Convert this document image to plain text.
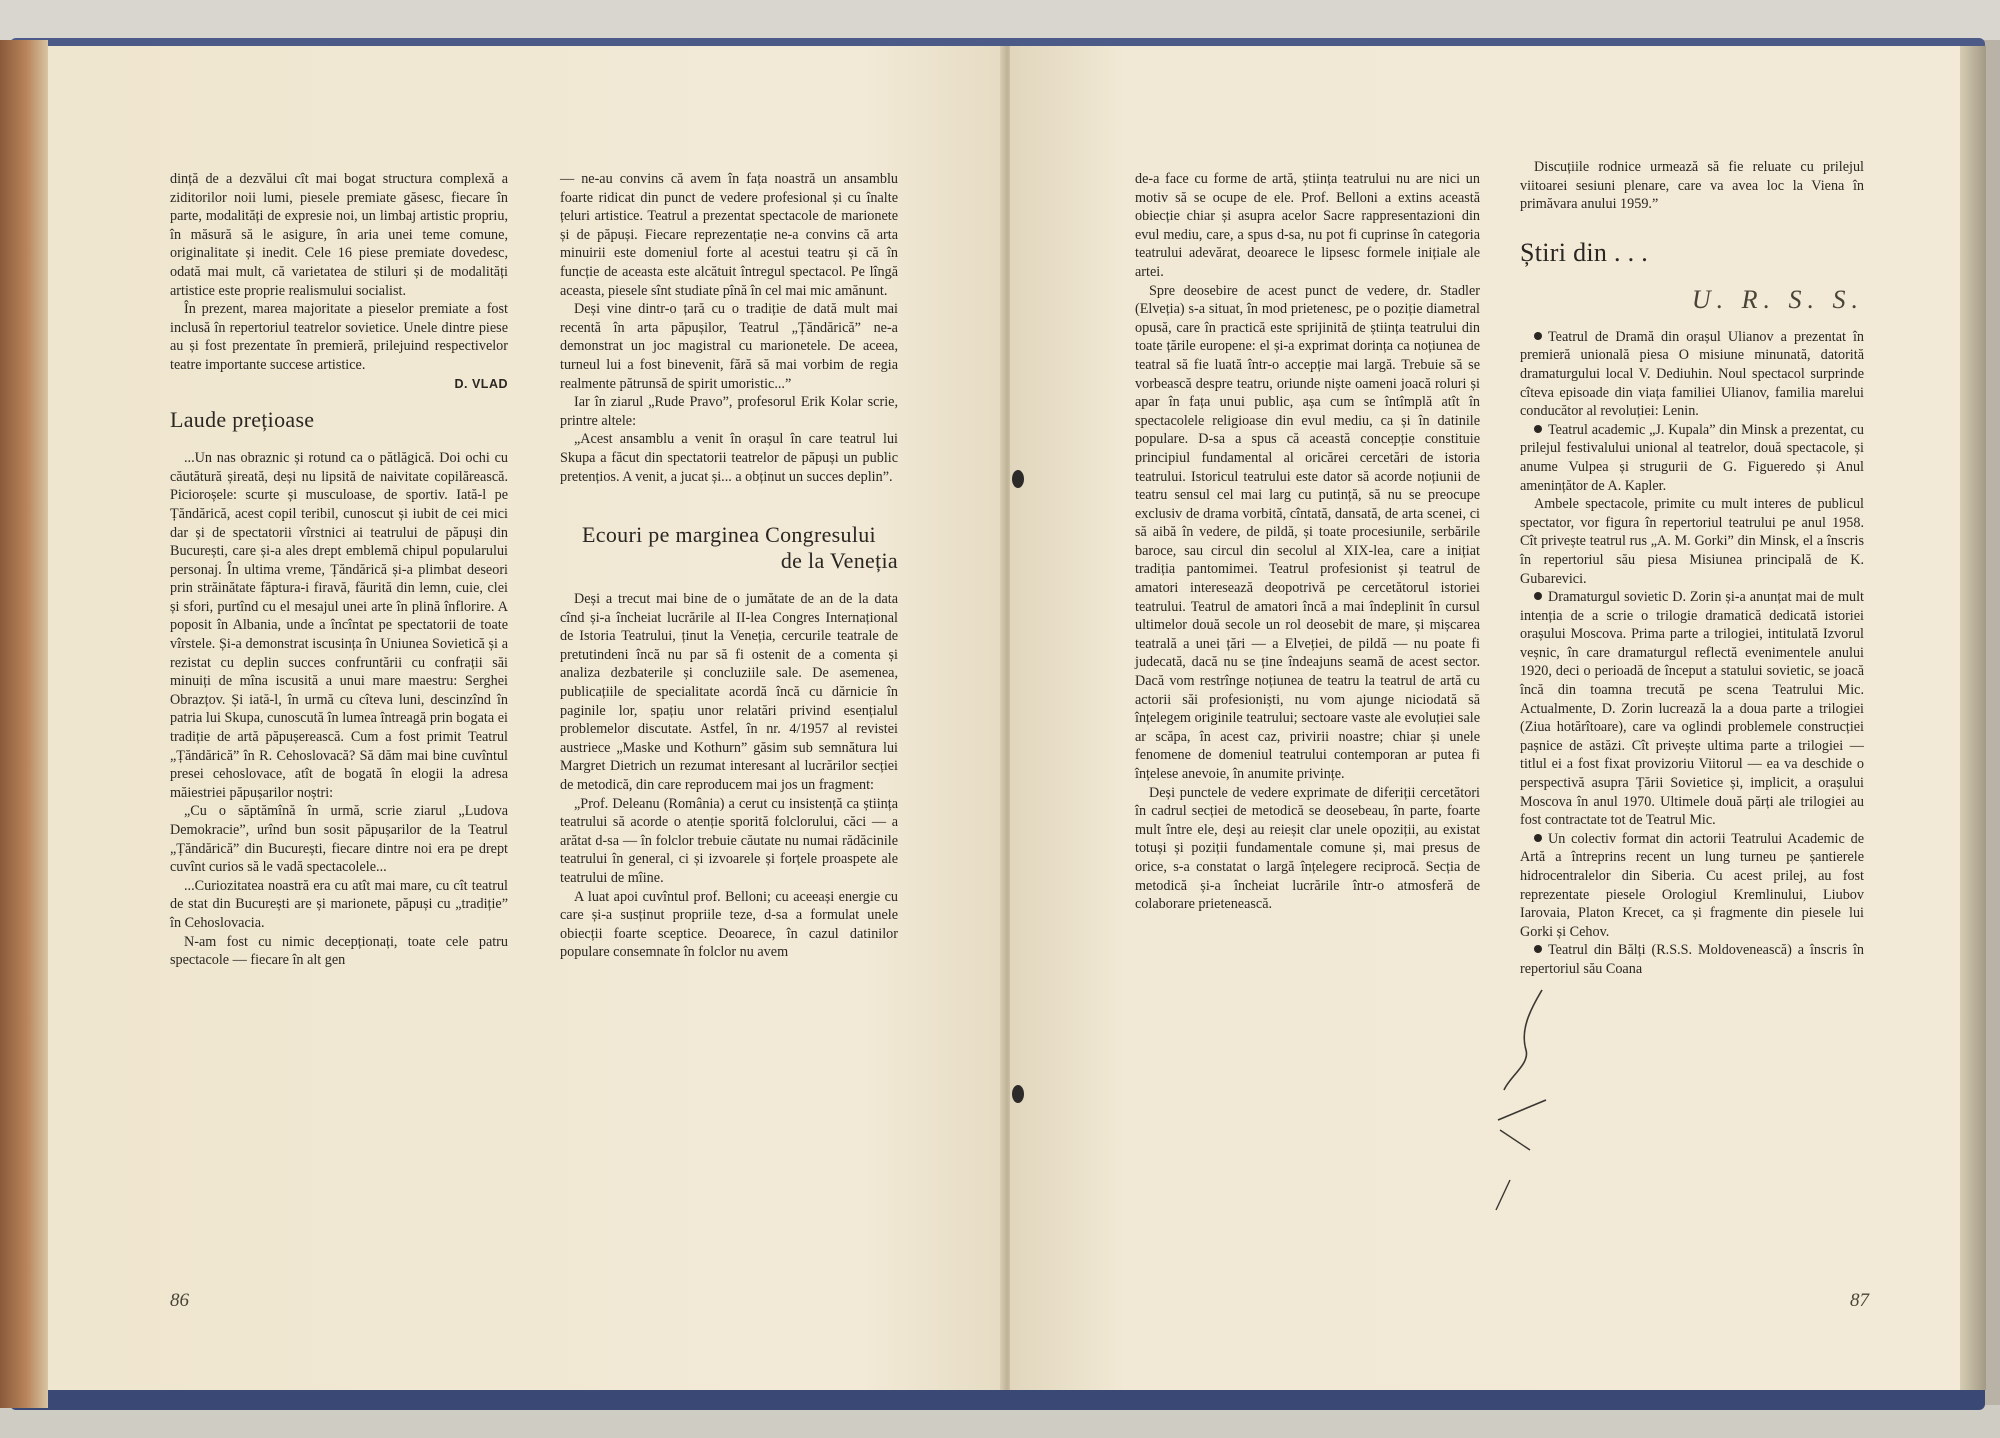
dință de a dezvălui cît mai bogat structura complexă a ziditorilor noii lumi, piesele premiate găsesc, fiecare în parte, modalități de expresie noi, un limbaj artistic propriu, în măsură să le asigure, în aria unei teme comune, originalitate și inedit. Cele 16 piese premiate dovedesc, odată mai mult, că varietatea de stiluri și de modalități artistice este proprie realismului socialist.

În prezent, marea majoritate a pieselor premiate a fost inclusă în repertoriul teatrelor sovietice. Unele dintre piese au și fost prezentate în premieră, prilejuind respectivelor teatre importante succese artistice.

D. VLAD

Laude prețioase

...Un nas obraznic și rotund ca o pătlăgică. Doi ochi cu căutătură șireată, deși nu lipsită de naivitate copilărească. Picioroșele: scurte și musculoase, de sportiv. Iată-l pe Țăndărică, acest copil teribil, cunoscut și iubit de cei mici dar și de spectatorii vîrstnici ai teatrului de păpuși din București, care și-a ales drept emblemă chipul popularului personaj. În ultima vreme, Țăndărică și-a plimbat deseori prin străinătate făptura-i firavă, făurită din lemn, cuie, clei și sfori, purtînd cu el mesajul unei arte în plină înflorire. A poposit în Albania, unde a încîntat pe spectatorii de toate vîrstele. Și-a demonstrat iscusința în Uniunea Sovietică și a rezistat cu deplin succes confruntării cu confrații săi minuiți de mîna iscusită a unui mare maestru: Serghei Obrazțov. Și iată-l, în urmă cu cîteva luni, descinzînd în patria lui Skupa, cunoscută în lumea întreagă prin bogata ei tradiție de artă păpușerească. Cum a fost primit Teatrul „Țăndărică” în R. Cehoslovacă? Să dăm mai bine cuvîntul presei cehoslovace, atît de bogată în elogii la adresa măiestriei păpușarilor noștri:

„Cu o săptămînă în urmă, scrie ziarul „Ludova Demokracie”, urînd bun sosit păpușarilor de la Teatrul „Țăndărică” din București, fiecare dintre noi era pe drept cuvînt curios să le vadă spectacolele...

...Curiozitatea noastră era cu atît mai mare, cu cît teatrul de stat din București are și marionete, păpuși cu „tradiție” în Cehoslovacia.

N-am fost cu nimic decepționați, toate cele patru spectacole — fiecare în alt gen

— ne-au convins că avem în fața noastră un ansamblu foarte ridicat din punct de vedere profesional și cu înalte țeluri artistice. Teatrul a prezentat spectacole de marionete și de păpuși. Fiecare reprezentație ne-a convins că arta minuirii este domeniul forte al acestui teatru și că în funcție de aceasta este alcătuit întregul spectacol. Pe lîngă aceasta, piesele sînt studiate pînă în cel mai mic amănunt.

Deși vine dintr-o țară cu o tradiție de dată mult mai recentă în arta păpușilor, Teatrul „Țăndărică” ne-a demonstrat un joc magistral cu marionetele. De aceea, turneul lui a fost binevenit, fără să mai vorbim de regia realmente pătrunsă de spirit umoristic...”

Iar în ziarul „Rude Pravo”, profesorul Erik Kolar scrie, printre altele:

„Acest ansamblu a venit în orașul în care teatrul lui Skupa a făcut din spectatorii teatrelor de păpuși un public pretențios. A venit, a jucat și... a obținut un succes deplin”.

Ecouri pe marginea Congresului

de la Veneția

Deși a trecut mai bine de o jumătate de an de la data cînd și-a încheiat lucrările al II-lea Congres Internațional de Istoria Teatrului, ținut la Veneția, cercurile teatrale de pretutindeni încă nu par să fi ostenit de a comenta și analiza dezbaterile și concluziile sale. De asemenea, publicațiile de specialitate acordă încă cu dărnicie în paginile lor, spațiu unor relatări privind esențialul problemelor discutate. Astfel, în nr. 4/1957 al revistei austriece „Maske und Kothurn” găsim sub semnătura lui Margret Dietrich un rezumat interesant al lucrărilor secției de metodică, din care reproducem mai jos un fragment:

„Prof. Deleanu (România) a cerut cu insistență ca știința teatrului să acorde o atenție sporită folclorului, căci — a arătat d-sa — în folclor trebuie căutate nu numai rădăcinile teatrului în general, ci și izvoarele și forțele proaspete ale teatrului de mîine.

A luat apoi cuvîntul prof. Belloni; cu aceeași energie cu care și-a susținut propriile teze, d-sa a formulat unele obiecții foarte sceptice. Deoarece, în cazul datinilor populare consemnate în folclor nu avem

86

de-a face cu forme de artă, știința teatrului nu are nici un motiv să se ocupe de ele. Prof. Belloni a extins această obiecție chiar și asupra acelor Sacre rappresentazioni din evul mediu, care, a spus d-sa, nu pot fi cuprinse în categoria teatrului adevărat, deoarece le lipsesc formele inițiale ale artei.

Spre deosebire de acest punct de vedere, dr. Stadler (Elveția) s-a situat, în mod prietenesc, pe o poziție diametral opusă, care în practică este sprijinită de știința teatrului din toate țările europene: el și-a exprimat dorința ca noțiunea de teatral să fie luată într-o accepție mai largă. Trebuie să se vorbească despre teatru, oriunde niște oameni joacă roluri și apar în fața unui public, așa cum se întîmplă atît în spectacolele religioase din evul mediu, ca și în datinile populare. D-sa a spus că această concepție constituie principiul fundamental al oricărei cercetări de istoria teatrului. Istoricul teatrului este dator să acorde noțiunii de teatru sensul cel mai larg cu putință, să nu se preocupe exclusiv de drama vorbită, cîntată, dansată, de arta scenei, ci să aibă în vedere, de pildă, și toate procesiunile, serbările baroce, sau circul din secolul al XIX-lea, care a inițiat tradiția pantomimei. Teatrul profesionist și teatrul de amatori interesează deopotrivă pe cercetătorul istoriei teatrului. Teatrul de amatori încă a mai îndeplinit în cursul ultimelor două secole un rol deosebit de mare, și mișcarea teatrală a unei țări — a Elveției, de pildă — nu poate fi judecată, dacă nu se ține îndeajuns seamă de acest sector. Dacă vom restrînge noțiunea de teatru la teatrul de artă cu actorii săi profesioniști, nu vom ajunge niciodată să înțelegem originile teatrului; sectoare vaste ale evoluției sale ar scăpa, în acest caz, privirii noastre; chiar și unele fenomene de domeniul teatrului contemporan ar putea fi înțelese anevoie, în anumite privințe.

Deși punctele de vedere exprimate de diferiții cercetători în cadrul secției de metodică se deosebeau, în parte, foarte mult între ele, deși au reieșit clar unele opoziții, au existat totuși și poziții fundamentale comune și, mai presus de orice, s-a constatat o largă înțelegere reciprocă. Secția de metodică și-a încheiat lucrările într-o atmosferă de colaborare prietenească.

Discuțiile rodnice urmează să fie reluate cu prilejul viitoarei sesiuni plenare, care va avea loc la Viena în primăvara anului 1959.”

Știri din . . .

U. R. S. S.

Teatrul de Dramă din orașul Ulianov a prezentat în premieră unională piesa O misiune minunată, datorită dramaturgului local V. Dediuhin. Noul spectacol surprinde cîteva episoade din viața familiei Ulianov, familia marelui conducător al revoluției: Lenin.

Teatrul academic „J. Kupala” din Minsk a prezentat, cu prilejul festivalului unional al teatrelor, două spectacole, și anume Vulpea și strugurii de G. Figueredo și Anul amenințător de A. Kapler.

Ambele spectacole, primite cu mult interes de publicul spectator, vor figura în repertoriul teatrului pe anul 1958. Cît privește teatrul rus „A. M. Gorki” din Minsk, el a înscris în repertoriul său piesa Misiunea principală de K. Gubarevici.

Dramaturgul sovietic D. Zorin și-a anunțat mai de mult intenția de a scrie o trilogie dramatică dedicată istoriei orașului Moscova. Prima parte a trilogiei, intitulată Izvorul veșnic, în care dramaturgul reflectă evenimentele anului 1920, deci o perioadă de început a statului sovietic, se joacă încă din toamna trecută pe scena Teatrului Mic. Actualmente, D. Zorin lucrează la a doua parte a trilogiei (Ziua hotărîtoare), care va oglindi problemele construcției pașnice de astăzi. Cît privește ultima parte a trilogiei — titlul ei a fost fixat provizoriu Viitorul — ea va deschide o perspectivă asupra Țării Sovietice și, implicit, a orașului Moscova în anul 1970. Ultimele două părți ale trilogiei au fost contractate tot de Teatrul Mic.

Un colectiv format din actorii Teatrului Academic de Artă a întreprins recent un lung turneu pe șantierele hidrocentralelor din Siberia. Cu acest prilej, au fost reprezentate piesele Orologiul Kremlinului, Liubov Iarovaia, Platon Krecet, ca și fragmente din piesele lui Gorki și Cehov.

Teatrul din Bălți (R.S.S. Moldovenească) a înscris în repertoriul său Coana

87
